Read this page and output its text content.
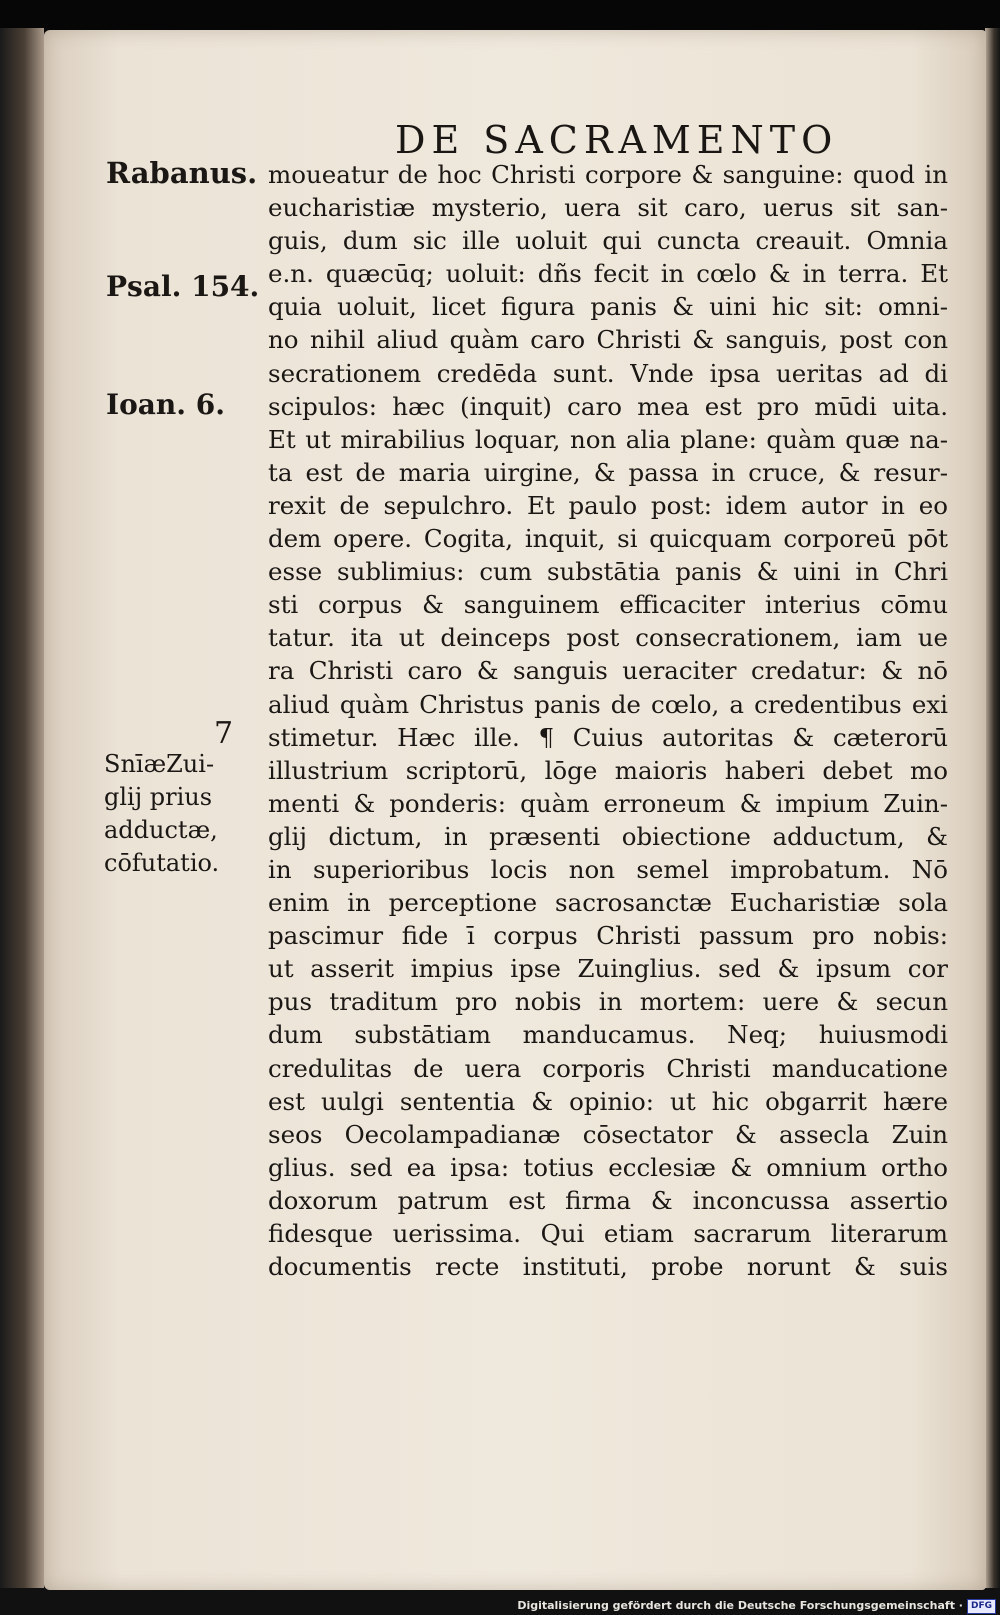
DE SACRAMENTO
Rabanus.
Psal. 154.
Ioan. 6.
7
SnīæZui-
glij prius
adductæ,
cōfutatio.
moueatur de hoc Christi corpore & sanguine: quod in
eucharistiæ mysterio, uera sit caro, uerus sit san-
guis, dum sic ille uoluit qui cuncta creauit. Omnia
e.n. quæcūq; uoluit: dñs fecit in cœlo & in terra. Et
quia uoluit, licet figura panis & uini hic sit: omni-
no nihil aliud quàm caro Christi & sanguis, post con
secrationem credēda sunt. Vnde ipsa ueritas ad di
scipulos: hæc (inquit) caro mea est pro mūdi uita.
Et ut mirabilius loquar, non alia plane: quàm quæ na-
ta est de maria uirgine, & passa in cruce, & resur-
rexit de sepulchro. Et paulo post: idem autor in eo
dem opere. Cogita, inquit, si quicquam corporeū pōt
esse sublimius: cum substātia panis & uini in Chri
sti corpus & sanguinem efficaciter interius cōmu
tatur. ita ut deinceps post consecrationem, iam ue
ra Christi caro & sanguis ueraciter credatur: & nō
aliud quàm Christus panis de cœlo, a credentibus exi
stimetur. Hæc ille. ¶ Cuius autoritas & cæterorū
illustrium scriptorū, lōge maioris haberi debet mo
menti & ponderis: quàm erroneum & impium Zuin-
glij dictum, in præsenti obiectione adductum, &
in superioribus locis non semel improbatum. Nō
enim in perceptione sacrosanctæ Eucharistiæ sola
pascimur fide ī corpus Christi passum pro nobis:
ut asserit impius ipse Zuinglius. sed & ipsum cor
pus traditum pro nobis in mortem: uere & secun
dum substātiam manducamus. Neq; huiusmodi
credulitas de uera corporis Christi manducatione
est uulgi sententia & opinio: ut hic obgarrit hære
seos Oecolampadianæ cōsectator & assecla Zuin
glius. sed ea ipsa: totius ecclesiæ & omnium ortho
doxorum patrum est firma & inconcussa assertio
fidesque uerissima. Qui etiam sacrarum literarum
documentis recte instituti, probe norunt & suis
Digitalisierung gefördert durch die Deutsche Forschungsgemeinschaft · DFG
